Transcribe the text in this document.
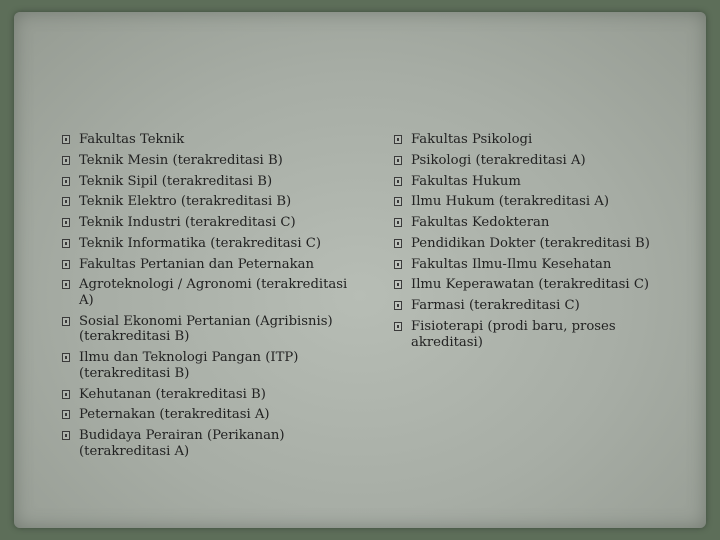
Fakultas Teknik
Teknik Mesin (terakreditasi B)
Teknik Sipil (terakreditasi B)
Teknik Elektro (terakreditasi B)
Teknik Industri (terakreditasi C)
Teknik Informatika (terakreditasi C)
Fakultas Pertanian dan Peternakan
Agroteknologi / Agronomi (terakreditasi A)
Sosial Ekonomi Pertanian (Agribisnis) (terakreditasi B)
Ilmu dan Teknologi Pangan (ITP) (terakreditasi B)
Kehutanan (terakreditasi B)
Peternakan (terakreditasi A)
Budidaya Perairan (Perikanan) (terakreditasi A)
Fakultas Psikologi
Psikologi (terakreditasi A)
Fakultas Hukum
Ilmu Hukum (terakreditasi A)
Fakultas Kedokteran
Pendidikan Dokter (terakreditasi B)
Fakultas Ilmu-Ilmu Kesehatan
Ilmu Keperawatan (terakreditasi C)
Farmasi (terakreditasi C)
Fisioterapi (prodi baru, proses akreditasi)
